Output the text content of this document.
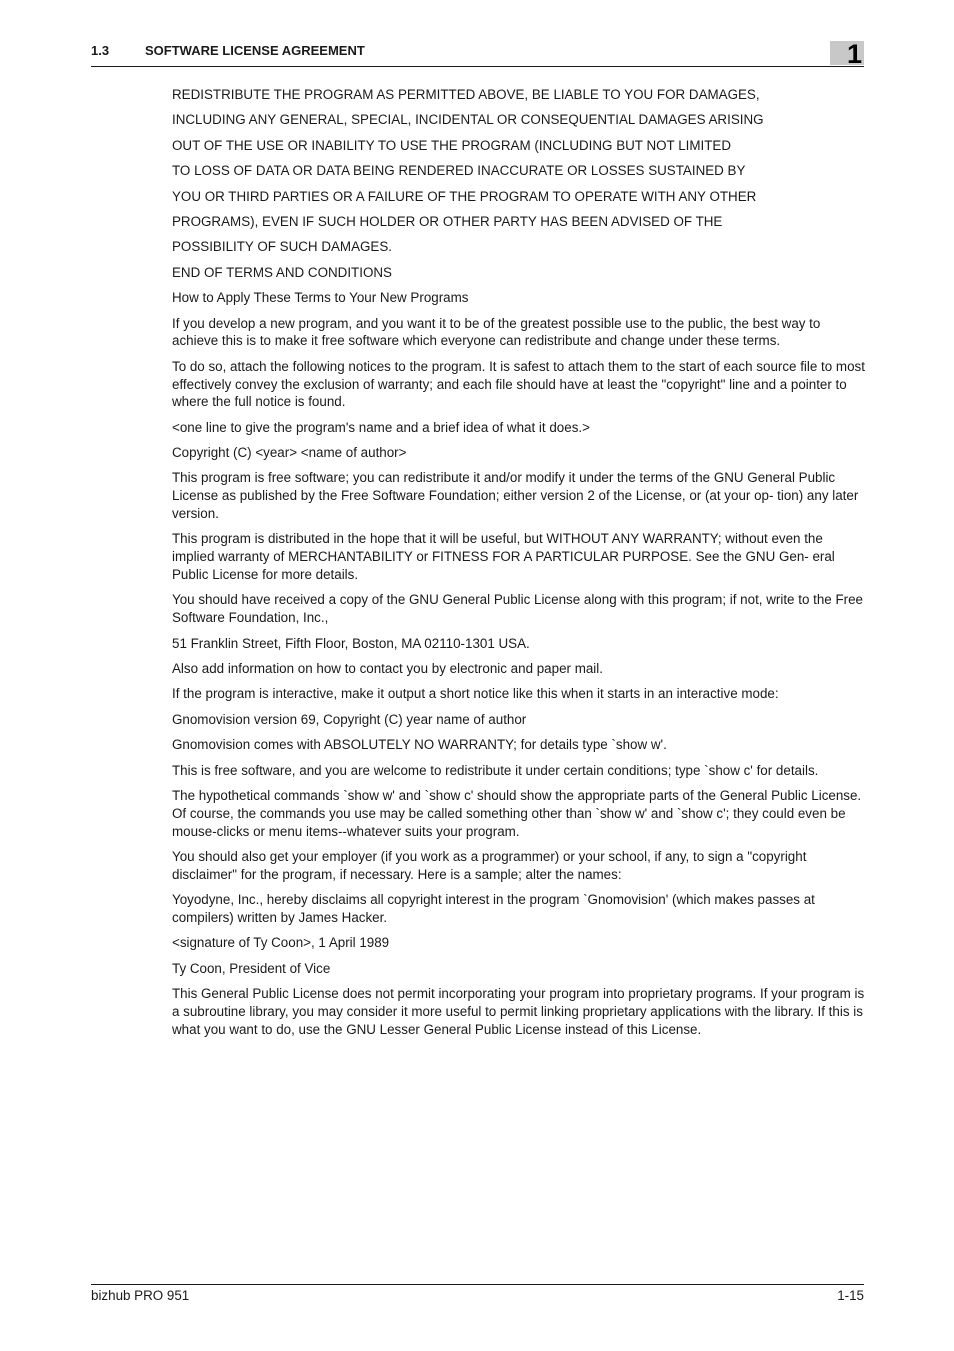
1.3	SOFTWARE LICENSE AGREEMENT	1

REDISTRIBUTE THE PROGRAM AS PERMITTED ABOVE, BE LIABLE TO YOU FOR DAMAGES,

INCLUDING ANY GENERAL, SPECIAL, INCIDENTAL OR CONSEQUENTIAL DAMAGES ARISING

OUT OF THE USE OR INABILITY TO USE THE PROGRAM (INCLUDING BUT NOT LIMITED

TO LOSS OF DATA OR DATA BEING RENDERED INACCURATE OR LOSSES SUSTAINED BY

YOU OR THIRD PARTIES OR A FAILURE OF THE PROGRAM TO OPERATE WITH ANY OTHER

PROGRAMS), EVEN IF SUCH HOLDER OR OTHER PARTY HAS BEEN ADVISED OF THE

POSSIBILITY OF SUCH DAMAGES.

END OF TERMS AND CONDITIONS

How to Apply These Terms to Your New Programs

If you develop a new program, and you want it to be of the greatest possible use to the public, the best way to achieve this is to make it free software which everyone can redistribute and change under these terms.

To do so, attach the following notices to the program. It is safest to attach them to the start of each source file to most effectively convey the exclusion of warranty; and each file should have at least the "copyright" line and a pointer to where the full notice is found.

<one line to give the program's name and a brief idea of what it does.>

Copyright (C) <year> <name of author>

This program is free software; you can redistribute it and/or modify it under the terms of the GNU General Public License as published by the Free Software Foundation; either version 2 of the License, or (at your op- tion) any later version.

This program is distributed in the hope that it will be useful, but WITHOUT ANY WARRANTY; without even the implied warranty of MERCHANTABILITY or FITNESS FOR A PARTICULAR PURPOSE. See the GNU Gen- eral Public License for more details.

You should have received a copy of the GNU General Public License along with this program; if not, write to the Free Software Foundation, Inc.,

51 Franklin Street, Fifth Floor, Boston, MA 02110-1301 USA.

Also add information on how to contact you by electronic and paper mail.

If the program is interactive, make it output a short notice like this when it starts in an interactive mode:

Gnomovision version 69, Copyright (C) year name of author

Gnomovision comes with ABSOLUTELY NO WARRANTY; for details type `show w'.

This is free software, and you are welcome to redistribute it under certain conditions; type `show c' for details.

The hypothetical commands `show w' and `show c' should show the appropriate parts of the General Public License. Of course, the commands you use may be called something other than `show w' and `show c'; they could even be mouse-clicks or menu items--whatever suits your program.

You should also get your employer (if you work as a programmer) or your school, if any, to sign a "copyright disclaimer" for the program, if necessary. Here is a sample; alter the names:

Yoyodyne, Inc., hereby disclaims all copyright interest in the program `Gnomovision' (which makes passes at compilers) written by James Hacker.

<signature of Ty Coon>, 1 April 1989

Ty Coon, President of Vice

This General Public License does not permit incorporating your program into proprietary programs. If your program is a subroutine library, you may consider it more useful to permit linking proprietary applications with the library. If this is what you want to do, use the GNU Lesser General Public License instead of this License.

bizhub PRO 951	1-15
